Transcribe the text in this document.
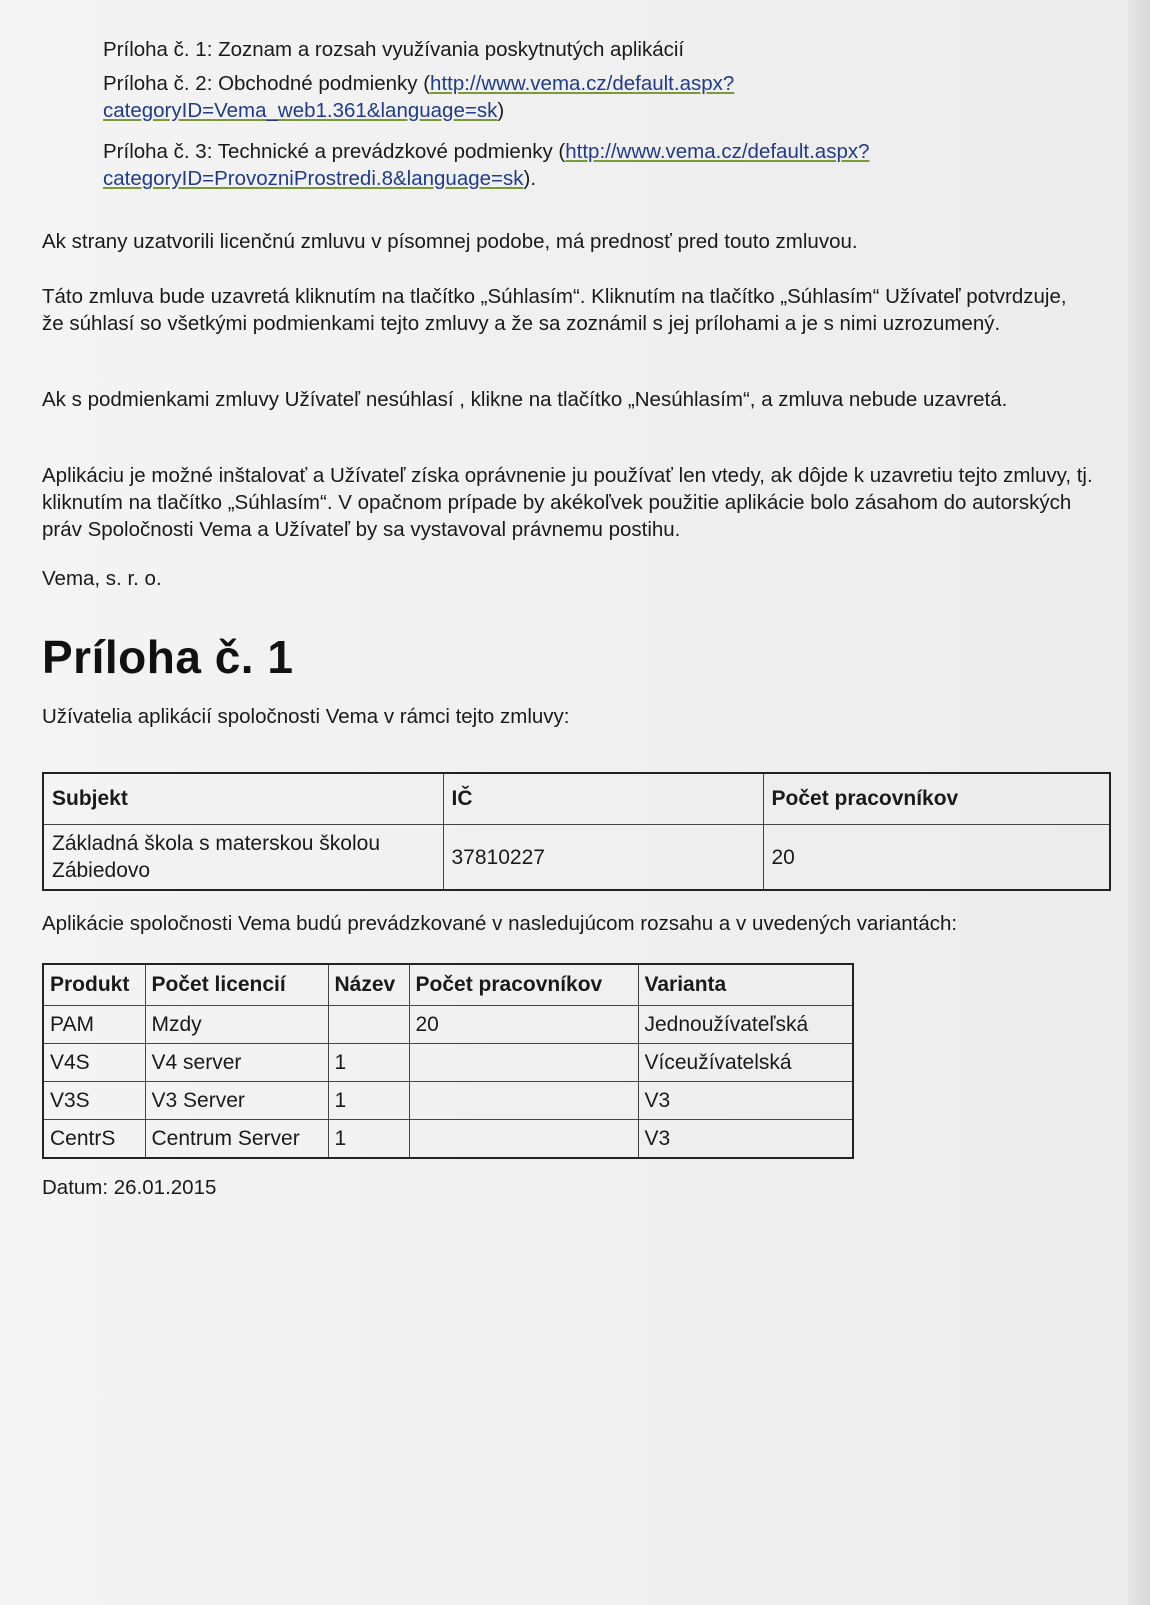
Príloha č. 1: Zoznam a rozsah využívania poskytnutých aplikácií

Príloha č. 2: Obchodné podmienky (http://www.vema.cz/default.aspx?
categoryID=Vema_web1.361&language=sk)

Príloha č. 3: Technické a prevádzkové podmienky (http://www.vema.cz/default.aspx?
categoryID=ProvozniProstredi.8&language=sk).

Ak strany uzatvorili licenčnú zmluvu v písomnej podobe, má prednosť pred touto zmluvou.

Táto zmluva bude uzavretá kliknutím na tlačítko „Súhlasím“. Kliknutím na tlačítko „Súhlasím“ Užívateľ potvrdzuje, že súhlasí so všetkými podmienkami tejto zmluvy a že sa zoznámil s jej prílohami a je s nimi uzrozumený.

Ak s podmienkami zmluvy Užívateľ nesúhlasí , klikne na tlačítko „Nesúhlasím“, a zmluva nebude uzavretá.

Aplikáciu je možné inštalovať a Užívateľ získa oprávnenie ju používať len vtedy, ak dôjde k uzavretiu tejto zmluvy, tj. kliknutím na tlačítko „Súhlasím“. V opačnom prípade by akékoľvek použitie aplikácie bolo zásahom do autorských práv Spoločnosti Vema a Užívateľ by sa vystavoval právnemu postihu.

Vema, s. r. o.

Príloha č. 1

Užívatelia aplikácií spoločnosti Vema v rámci tejto zmluvy:

Subjekt	IČ	Počet pracovníkov
Základná škola s materskou školou Zábiedovo	37810227	20

Aplikácie spoločnosti Vema budú prevádzkované v nasledujúcom rozsahu a v uvedených variantách:

Produkt	Počet licencií	Název	Počet pracovníkov	Varianta
PAM	Mzdy		20	Jednoužívateľská
V4S	V4 server	1		Víceužívatelská
V3S	V3 Server	1		V3
CentrS	Centrum Server	1		V3

Datum: 26.01.2015
